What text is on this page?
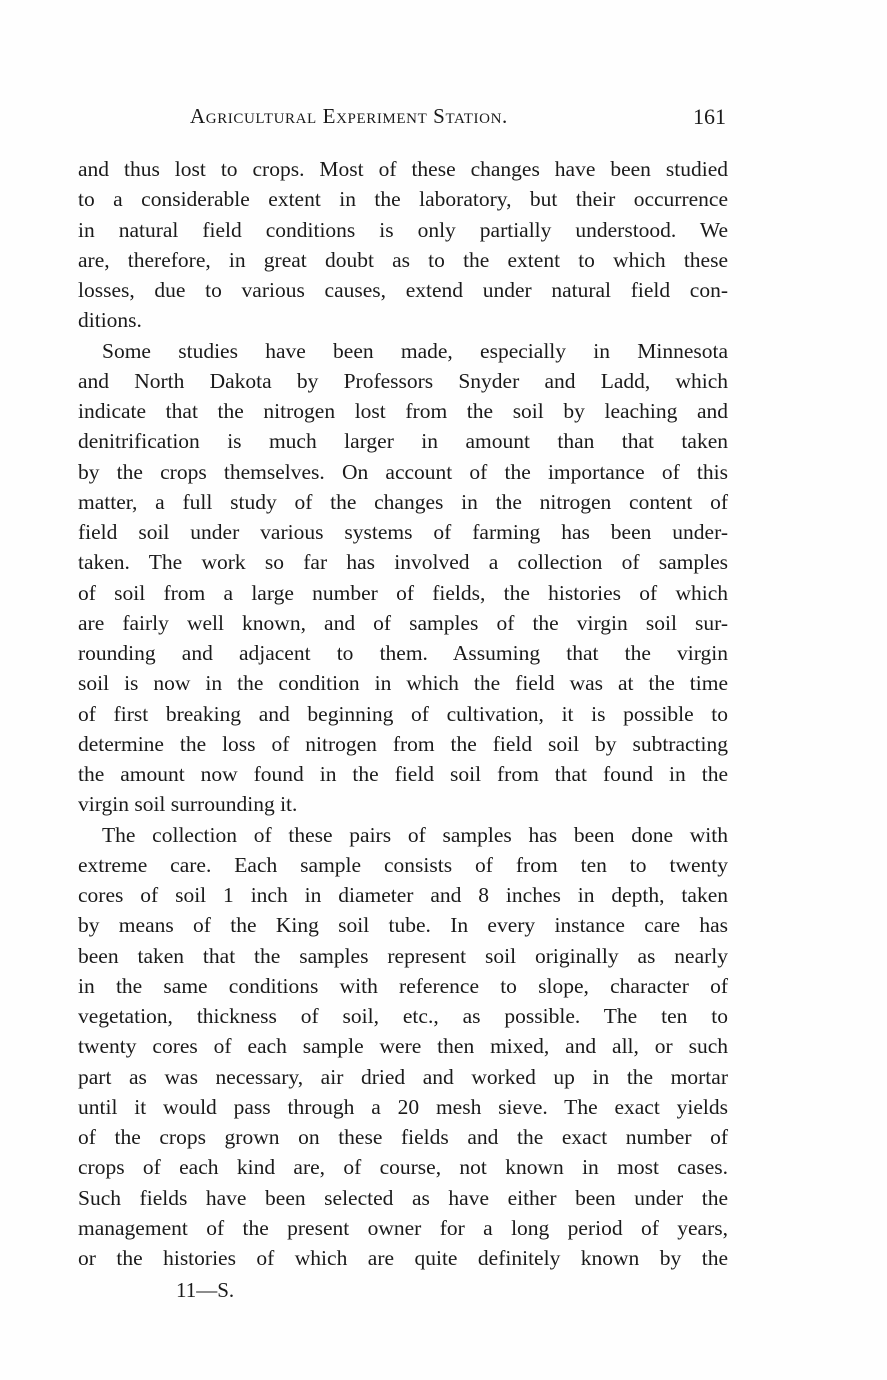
Agricultural Experiment Station.	161
and thus lost to crops. Most of these changes have been studied
to a considerable extent in the laboratory, but their occurrence
in natural field conditions is only partially understood. We
are, therefore, in great doubt as to the extent to which these
losses, due to various causes, extend under natural field con-
ditions.
Some studies have been made, especially in Minnesota
and North Dakota by Professors Snyder and Ladd, which
indicate that the nitrogen lost from the soil by leaching and
denitrification is much larger in amount than that taken
by the crops themselves. On account of the importance of this
matter, a full study of the changes in the nitrogen content of
field soil under various systems of farming has been under-
taken. The work so far has involved a collection of samples
of soil from a large number of fields, the histories of which
are fairly well known, and of samples of the virgin soil sur-
rounding and adjacent to them. Assuming that the virgin
soil is now in the condition in which the field was at the time
of first breaking and beginning of cultivation, it is possible to
determine the loss of nitrogen from the field soil by subtracting
the amount now found in the field soil from that found in the
virgin soil surrounding it.
The collection of these pairs of samples has been done with
extreme care. Each sample consists of from ten to twenty
cores of soil 1 inch in diameter and 8 inches in depth, taken
by means of the King soil tube. In every instance care has
been taken that the samples represent soil originally as nearly
in the same conditions with reference to slope, character of
vegetation, thickness of soil, etc., as possible. The ten to
twenty cores of each sample were then mixed, and all, or such
part as was necessary, air dried and worked up in the mortar
until it would pass through a 20 mesh sieve. The exact yields
of the crops grown on these fields and the exact number of
crops of each kind are, of course, not known in most cases.
Such fields have been selected as have either been under the
management of the present owner for a long period of years,
or the histories of which are quite definitely known by the
11—S.
